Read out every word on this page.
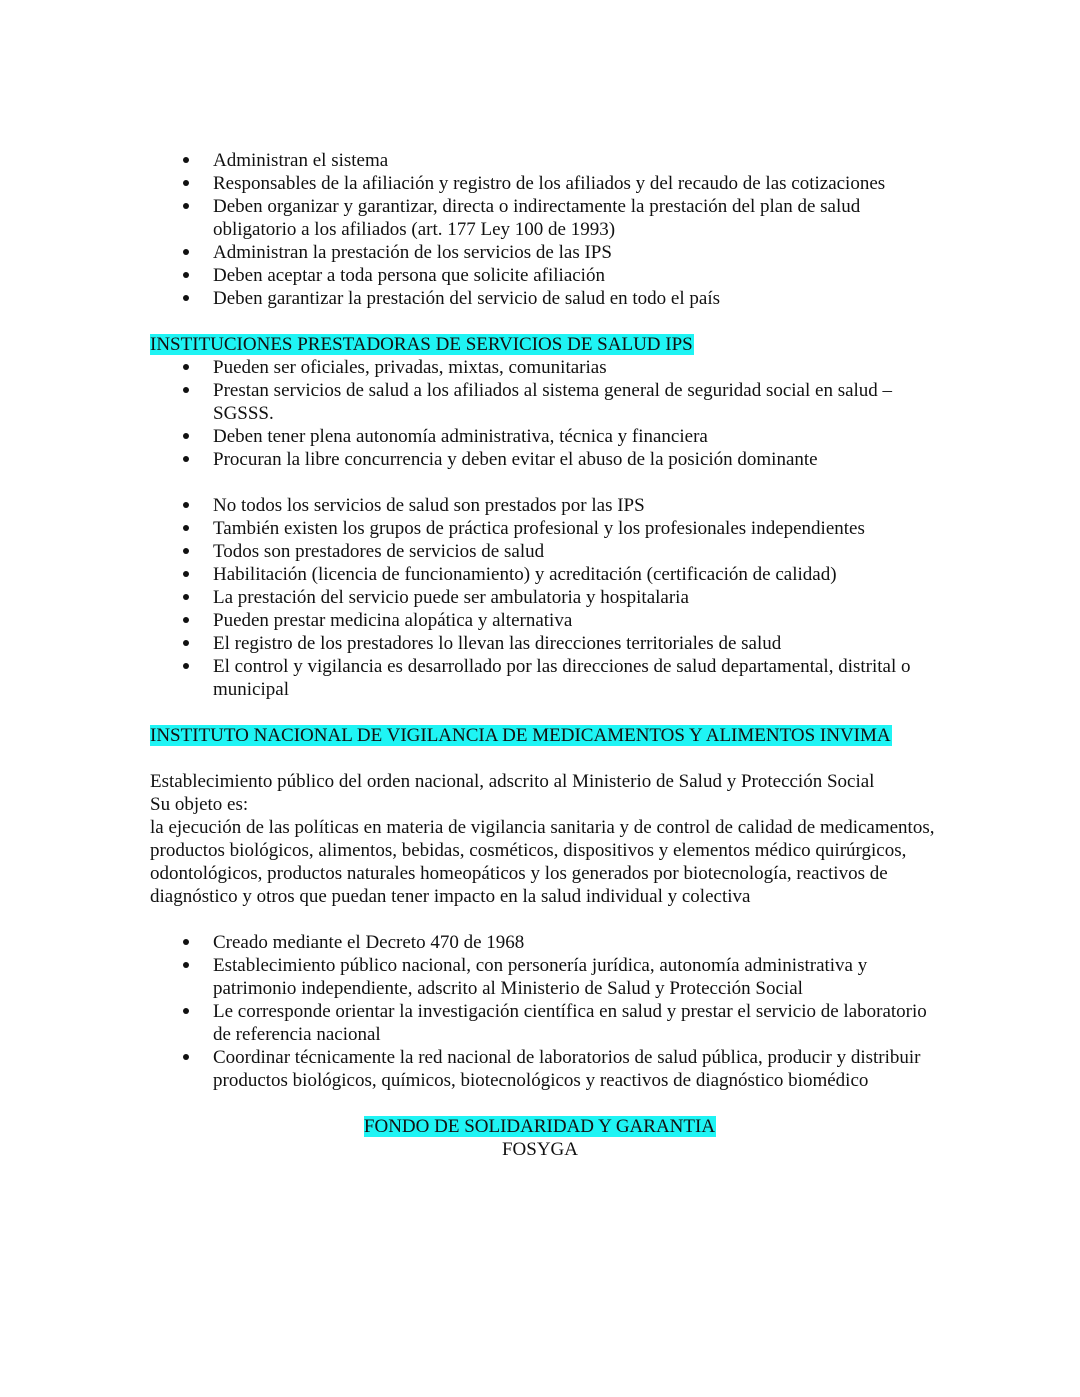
Administran el sistema
Responsables de la afiliación y registro de los afiliados y del recaudo de las cotizaciones
Deben organizar y garantizar, directa o indirectamente la prestación del plan de salud obligatorio a los afiliados (art. 177 Ley 100 de 1993)
Administran la prestación de los servicios de las IPS
Deben aceptar a toda persona que solicite afiliación
Deben garantizar la prestación del servicio de salud en todo el país

INSTITUCIONES PRESTADORAS DE SERVICIOS DE SALUD IPS

Pueden ser oficiales, privadas, mixtas, comunitarias
Prestan servicios de salud a los afiliados al sistema general de seguridad social en salud – SGSSS.
Deben tener plena autonomía administrativa, técnica y financiera
Procuran la libre concurrencia y deben evitar el abuso de la posición dominante
No todos los servicios de salud son prestados por las IPS
También existen los grupos de práctica profesional y los profesionales independientes
Todos son prestadores de servicios de salud
Habilitación (licencia de funcionamiento) y acreditación (certificación de calidad)
La prestación del servicio puede ser ambulatoria y hospitalaria
Pueden prestar medicina alopática y alternativa
El registro de los prestadores lo llevan las direcciones territoriales de salud
El control y vigilancia es desarrollado por las direcciones de salud departamental, distrital o municipal

INSTITUTO NACIONAL DE VIGILANCIA DE MEDICAMENTOS Y ALIMENTOS INVIMA

Establecimiento público del orden nacional, adscrito al Ministerio de Salud y Protección Social

Su objeto es:

la ejecución de las políticas en materia de vigilancia sanitaria y de control de calidad de medicamentos, productos biológicos, alimentos, bebidas, cosméticos, dispositivos y elementos médico quirúrgicos, odontológicos, productos naturales homeopáticos y los generados por biotecnología, reactivos de diagnóstico y otros que puedan tener impacto en la salud individual y colectiva

Creado mediante el Decreto 470 de 1968
Establecimiento público nacional, con personería jurídica, autonomía administrativa y patrimonio independiente, adscrito al Ministerio de Salud y Protección Social
Le corresponde orientar la investigación científica en salud y prestar el servicio de laboratorio de referencia nacional
Coordinar técnicamente la red nacional de laboratorios de salud pública, producir y distribuir productos biológicos, químicos, biotecnológicos y reactivos de diagnóstico biomédico

FONDO DE SOLIDARIDAD Y GARANTIA

FOSYGA
